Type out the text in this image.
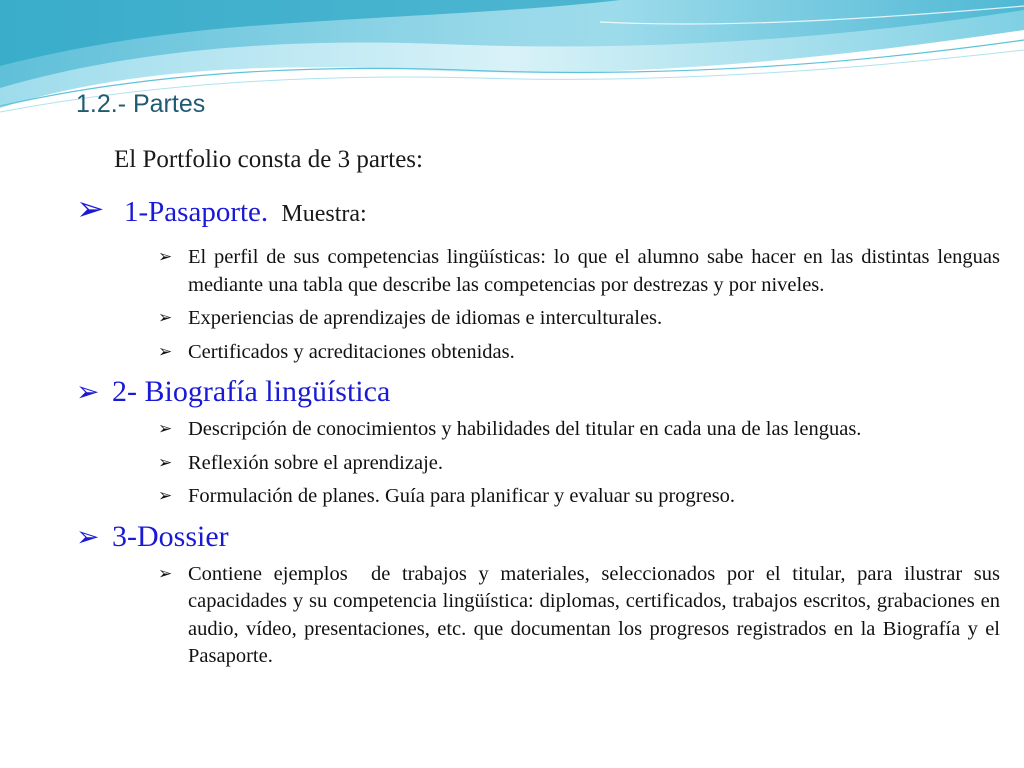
1.2.- Partes
El Portfolio consta de 3 partes:
➢ 1-Pasaporte. Muestra:
➢ El perfil de sus competencias lingüísticas: lo que el alumno sabe hacer en las distintas lenguas mediante una tabla que describe las competencias por destrezas y por niveles.
➢ Experiencias de aprendizajes de idiomas e interculturales.
➢ Certificados y acreditaciones obtenidas.
➢ 2- Biografía lingüística
➢ Descripción de conocimientos y habilidades del titular en cada una de las lenguas.
➢ Reflexión sobre el aprendizaje.
➢ Formulación de planes. Guía para planificar y evaluar su progreso.
➢ 3-Dossier
➢ Contiene ejemplos  de trabajos y materiales, seleccionados por el titular, para ilustrar sus capacidades y su competencia lingüística: diplomas, certificados, trabajos escritos, grabaciones en audio, vídeo, presentaciones, etc. que documentan los progresos registrados en la Biografía y el Pasaporte.
